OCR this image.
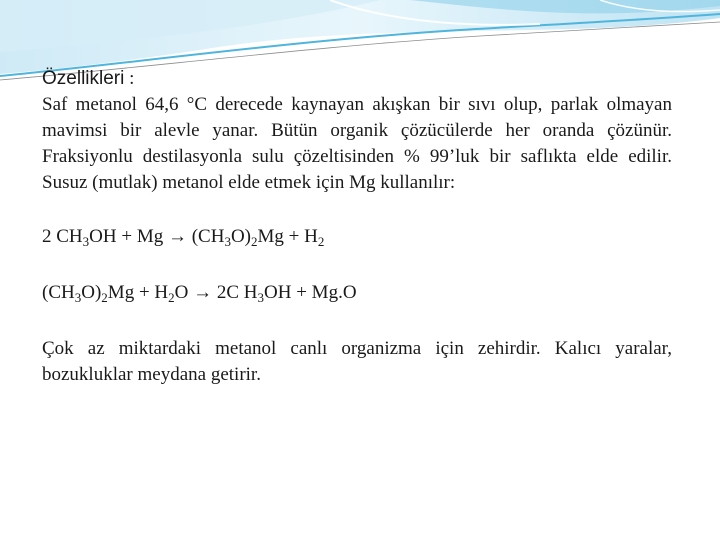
Özellikleri :

Saf metanol 64,6 °C derecede kaynayan akışkan bir sıvı olup, parlak olmayan mavimsi bir alevle yanar. Bütün organik çözücülerde her oranda çözünür. Fraksiyonlu destilasyonla sulu çözeltisinden % 99’luk bir saflıkta elde edilir. Susuz (mutlak) metanol elde etmek için Mg kullanılır:

2 $CH_3OH + Mg \to (CH_3O)_2Mg + H_2$

$(CH_3O)_2Mg + H_2O \to 2C$ $H_3OH + Mg.O$

Çok az miktardaki metanol canlı organizma için zehirdir. Kalıcı yaralar, bozukluklar meydana getirir.
